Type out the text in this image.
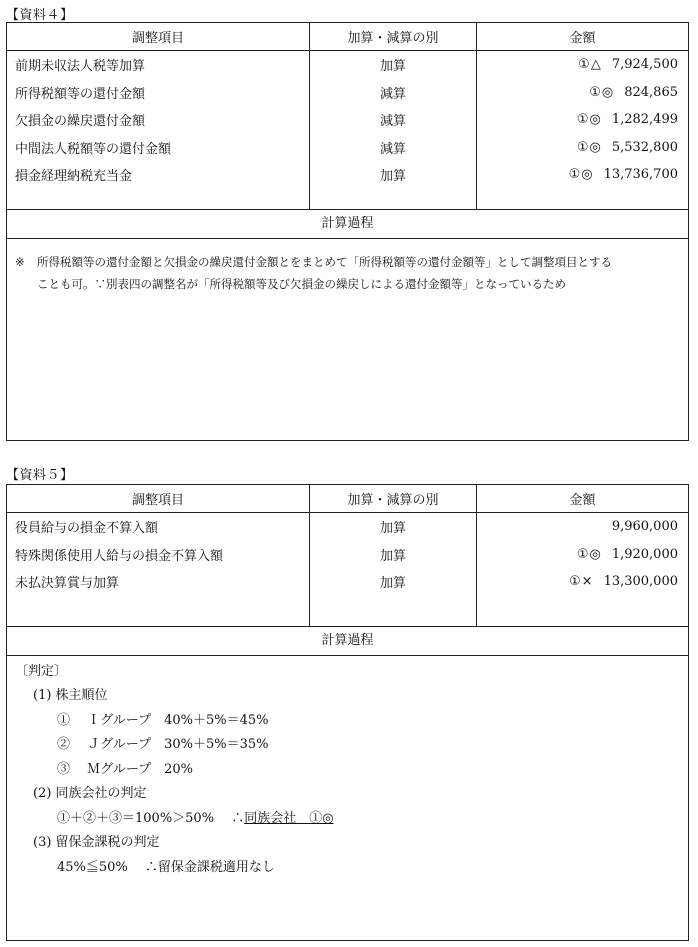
【資料４】
調整項目	加算・減算の別	金額
前期未収法人税等加算	加算	①△ 7,924,500
所得税額等の還付金額	減算	①◎ 824,865
欠損金の繰戻還付金額	減算	①◎ 1,282,499
中間法人税額等の還付金額	減算	①◎ 5,532,800
損金経理納税充当金	加算	①◎ 13,736,700

計算過程
※ 所得税額等の還付金額と欠損金の繰戻還付金額とをまとめて「所得税額等の還付金額等」として調整項目とする
ことも可。∵別表四の調整名が「所得税額等及び欠損金の繰戻しによる還付金額等」となっているため
【資料５】
調整項目	加算・減算の別	金額
役員給与の損金不算入額	加算	9,960,000
特殊関係使用人給与の損金不算入額	加算	①◎ 1,920,000
未払決算賞与加算	加算	①× 13,300,000

計算過程
〔判定〕
(1) 株主順位
①　 Ｉグループ　40%＋5%＝45%
②　 Ｊグループ　30%＋5%＝35%
③　 Ｍグループ　20%
(2) 同族会社の判定
①＋②＋③＝100%＞50%　 ∴同族会社　①◎
(3) 留保金課税の判定
45%≦50%　 ∴留保金課税適用なし
